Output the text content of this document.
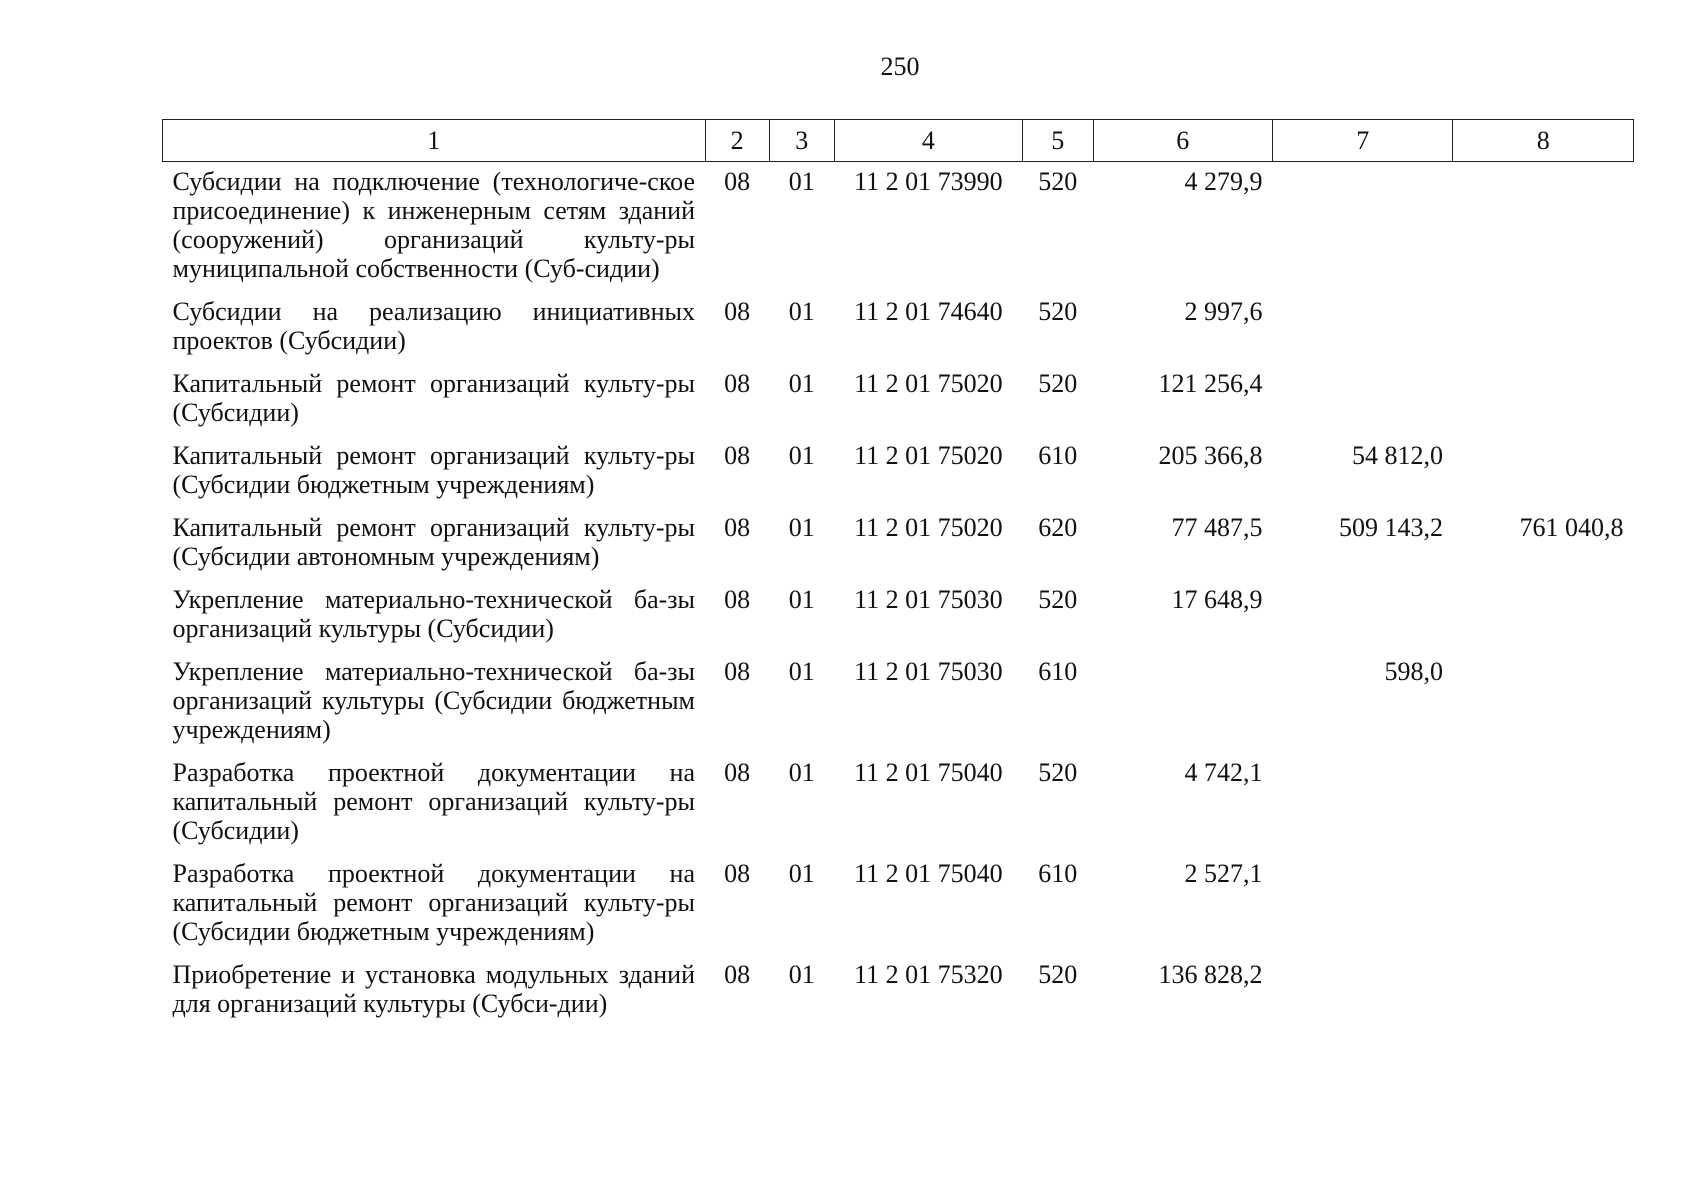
250
1	2	3	4	5	6	7	8
Субсидии на подключение (технологиче-ское присоединение) к инженерным сетям зданий (сооружений) организаций культу-ры муниципальной собственности (Суб-сидии)	08	01	11 2 01 73990	520	4 279,9		
Субсидии на реализацию инициативных проектов (Субсидии)	08	01	11 2 01 74640	520	2 997,6		
Капитальный ремонт организаций культу-ры (Субсидии)	08	01	11 2 01 75020	520	121 256,4		
Капитальный ремонт организаций культу-ры (Субсидии бюджетным учреждениям)	08	01	11 2 01 75020	610	205 366,8	54 812,0	
Капитальный ремонт организаций культу-ры (Субсидии автономным учреждениям)	08	01	11 2 01 75020	620	77 487,5	509 143,2	761 040,8
Укрепление материально-технической ба-зы организаций культуры (Субсидии)	08	01	11 2 01 75030	520	17 648,9		
Укрепление материально-технической ба-зы организаций культуры (Субсидии бюджетным учреждениям)	08	01	11 2 01 75030	610		598,0	
Разработка проектной документации на капитальный ремонт организаций культу-ры (Субсидии)	08	01	11 2 01 75040	520	4 742,1		
Разработка проектной документации на капитальный ремонт организаций культу-ры (Субсидии бюджетным учреждениям)	08	01	11 2 01 75040	610	2 527,1		
Приобретение и установка модульных зданий для организаций культуры (Субси-дии)	08	01	11 2 01 75320	520	136 828,2		
